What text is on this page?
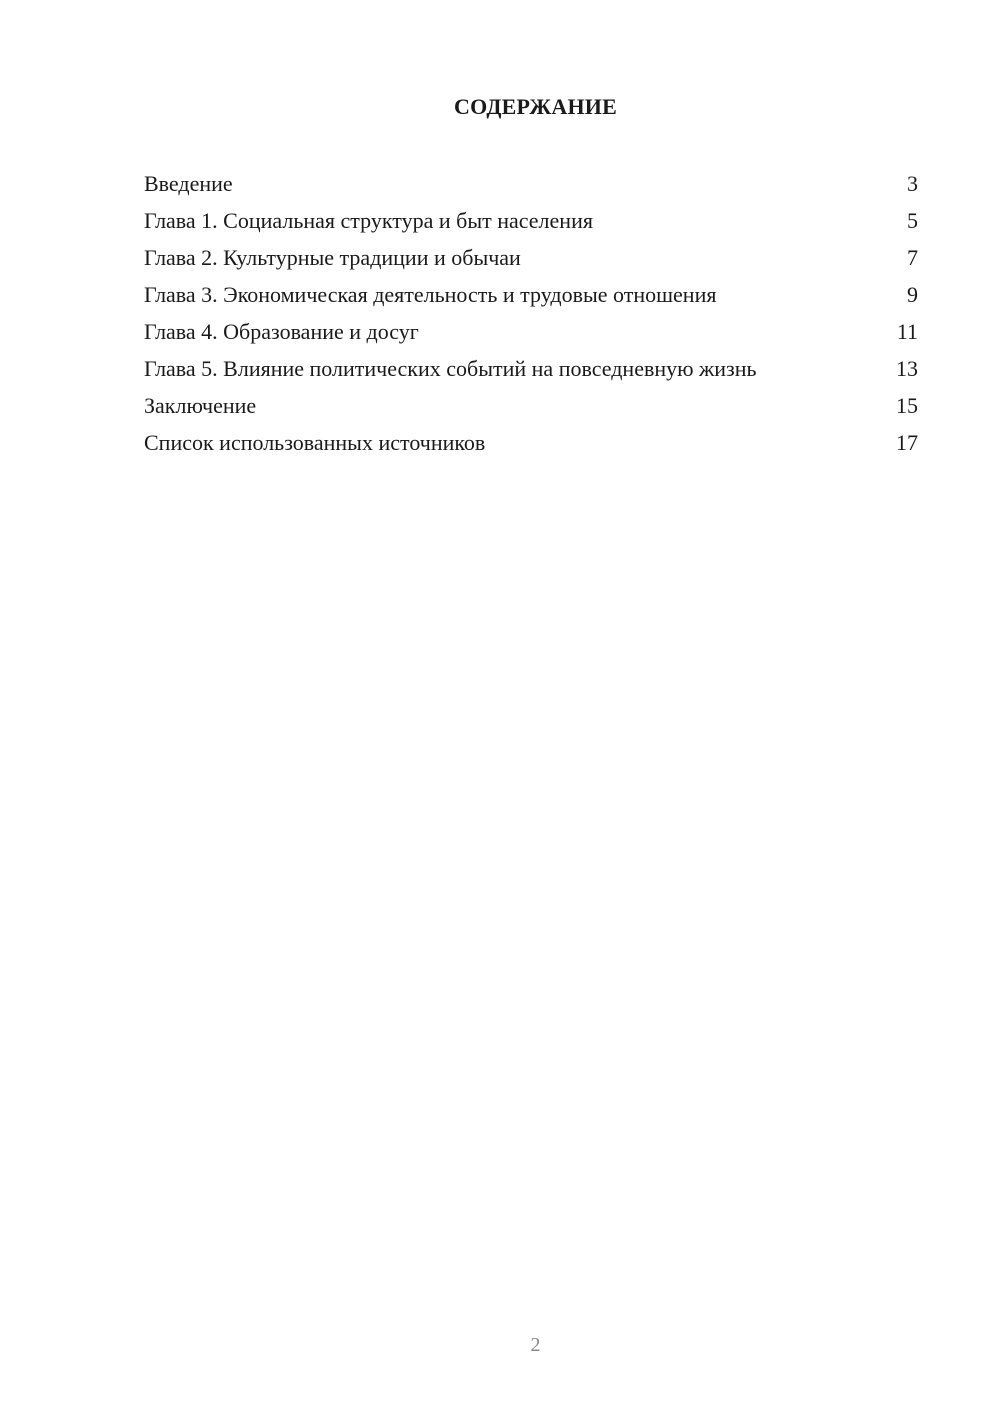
СОДЕРЖАНИЕ
Введение	3
Глава 1. Социальная структура и быт населения	5
Глава 2. Культурные традиции и обычаи	7
Глава 3. Экономическая деятельность и трудовые отношения	9
Глава 4. Образование и досуг	11
Глава 5. Влияние политических событий на повседневную жизнь	13
Заключение	15
Список использованных источников	17
2
